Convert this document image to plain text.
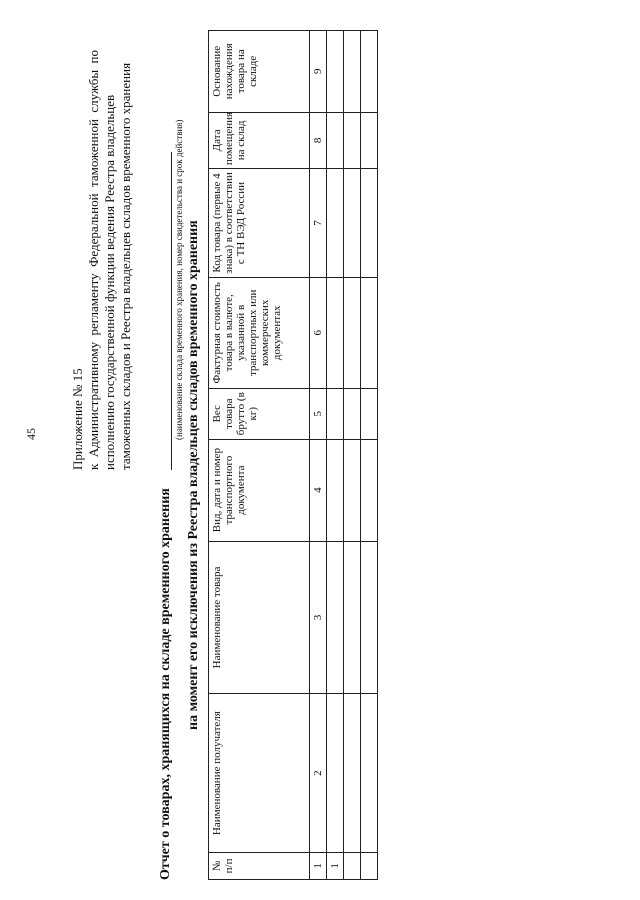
45 Приложение № 15 к Административному регламенту Федеральной таможенной службы по исполнению государственной функции ведения Реестра владельцев таможенных складов и Реестра владельцев складов временного хранения
Отчет о товарах, хранящихся на складе временного хранения
(наименование склада временного хранения, номер свидетельства и срок действия) на момент его исключения из Реестра владельцев складов временного хранения
№ п/п	Наименование получателя	Наименование товара	Вид, дата и номер транспортного документа	Вес товара брутто (в кг)	Фактурная стоимость товара в валюте, указанной в транспортных или коммерческих документах	Код товара (первые 4 знака) в соответствии с ТН ВЭД России	Дата помещения на склад	Основание нахождения товара на складе
1	2	3	4	5	6	7	8	9
1								
